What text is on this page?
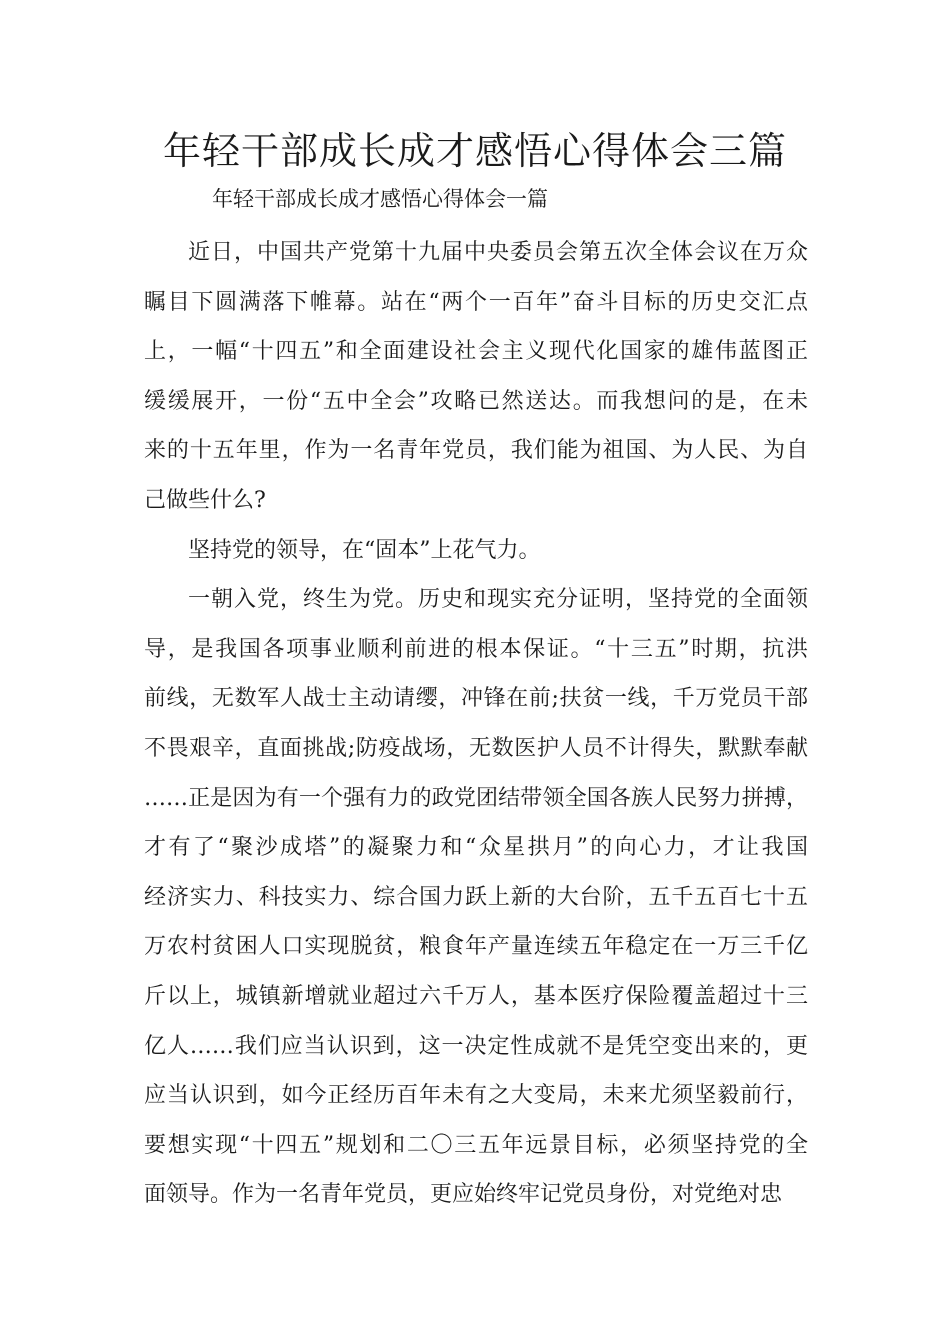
年轻干部成长成才感悟心得体会三篇
年轻干部成长成才感悟心得体会一篇
近日，中国共产党第十九届中央委员会第五次全体会议在万众
瞩目下圆满落下帷幕。站在“两个一百年”奋斗目标的历史交汇点
上，一幅“十四五”和全面建设社会主义现代化国家的雄伟蓝图正
缓缓展开，一份“五中全会”攻略已然送达。而我想问的是，在未
来的十五年里，作为一名青年党员，我们能为祖国、为人民、为自
己做些什么?
坚持党的领导，在“固本”上花气力。
一朝入党，终生为党。历史和现实充分证明，坚持党的全面领
导，是我国各项事业顺利前进的根本保证。“十三五”时期，抗洪
前线，无数军人战士主动请缨，冲锋在前;扶贫一线，千万党员干部
不畏艰辛，直面挑战;防疫战场，无数医护人员不计得失，默默奉献
……正是因为有一个强有力的政党团结带领全国各族人民努力拼搏，
才有了“聚沙成塔”的凝聚力和“众星拱月”的向心力，才让我国
经济实力、科技实力、综合国力跃上新的大台阶，五千五百七十五
万农村贫困人口实现脱贫，粮食年产量连续五年稳定在一万三千亿
斤以上，城镇新增就业超过六千万人，基本医疗保险覆盖超过十三
亿人……我们应当认识到，这一决定性成就不是凭空变出来的，更
应当认识到，如今正经历百年未有之大变局，未来尤须坚毅前行，
要想实现“十四五”规划和二〇三五年远景目标，必须坚持党的全
面领导。作为一名青年党员，更应始终牢记党员身份，对党绝对忠
